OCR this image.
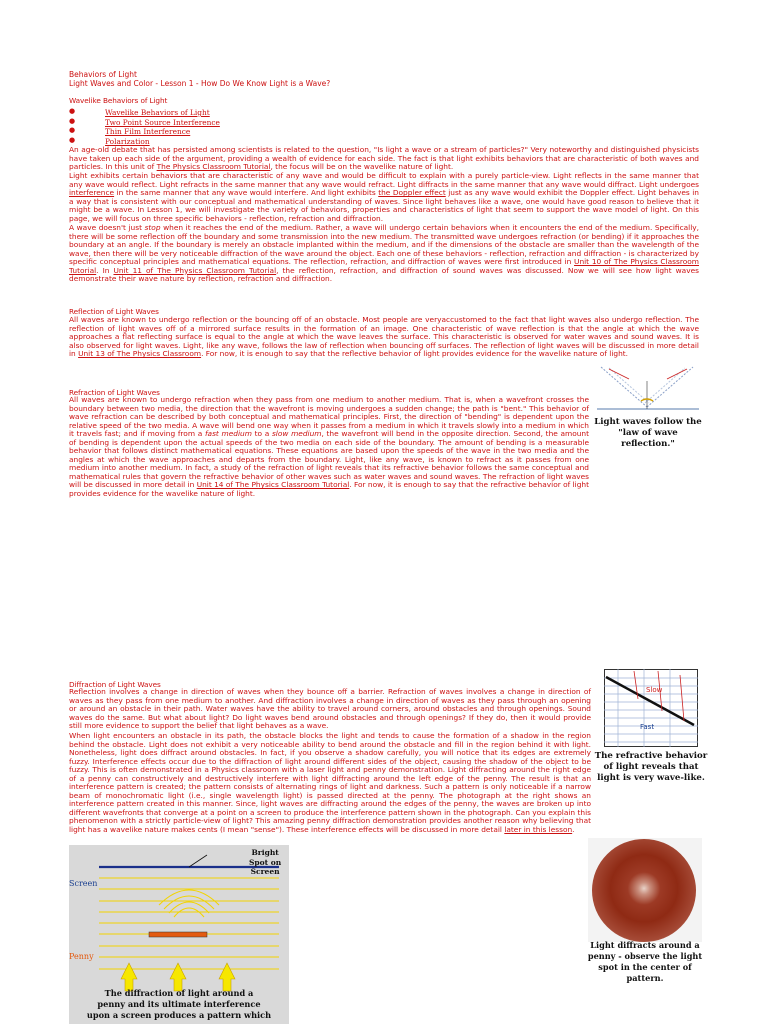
Behaviors of Light
Light Waves and Color - Lesson 1 - How Do We Know Light is a Wave?
Wavelike Behaviors of Light
●	Wavelike Behaviors of Light
●	Two Point Source Interference
●	Thin Film Interference
●	Polarization

An age-old debate that has persisted among scientists is related to the question, "Is light a wave or a stream of particles?" Very noteworthy and distinguished physicists have taken up each side of the argument, providing a wealth of evidence for each side. The fact is that light exhibits behaviors that are characteristic of both waves and particles. In this unit of The Physics Classroom Tutorial, the focus will be on the wavelike nature of light.

Light exhibits certain behaviors that are characteristic of any wave and would be difficult to explain with a purely particle-view. Light reflects in the same manner that any wave would reflect. Light refracts in the same manner that any wave would refract. Light diffracts in the same manner that any wave would diffract. Light undergoes interference in the same manner that any wave would interfere. And light exhibits the Doppler effect just as any wave would exhibit the Doppler effect. Light behaves in a way that is consistent with our conceptual and mathematical understanding of waves. Since light behaves like a wave, one would have good reason to believe that it might be a wave. In Lesson 1, we will investigate the variety of behaviors, properties and characteristics of light that seem to support the wave model of light. On this page, we will focus on three specific behaviors - reflection, refraction and diffraction.

A wave doesn't just stop when it reaches the end of the medium. Rather, a wave will undergo certain behaviors when it encounters the end of the medium. Specifically, there will be some reflection off the boundary and some transmission into the new medium. The transmitted wave undergoes refraction (or bending) if it approaches the boundary at an angle. If the boundary is merely an obstacle implanted within the medium, and if the dimensions of the obstacle are smaller than the wavelength of the wave, then there will be very noticeable diffraction of the wave around the object. Each one of these behaviors - reflection, refraction and diffraction - is characterized by specific conceptual principles and mathematical equations. The reflection, refraction, and diffraction of waves were first introduced in Unit 10 of The Physics Classroom Tutorial. In Unit 11 of The Physics Classroom Tutorial, the reflection, refraction, and diffraction of sound waves was discussed. Now we will see how light waves demonstrate their wave nature by reflection, refraction and diffraction.

Reflection of Light Waves

All waves are known to undergo reflection or the bouncing off of an obstacle. Most people are veryaccustomed to the fact that light waves also undergo reflection. The reflection of light waves off of a mirrored surface results in the formation of an image. One characteristic of wave reflection is that the angle at which the wave approaches a flat reflecting surface is equal to the angle at which the wave leaves the surface. This characteristic is observed for water waves and sound waves. It is also observed for light waves. Light, like any wave, follows the law of reflection when bouncing off surfaces. The reflection of light waves will be discussed in more detail in Unit 13 of The Physics Classroom. For now, it is enough to say that the reflective behavior of light provides evidence for the wavelike nature of light.

Light waves follow the
"law of wave reflection."
Refraction of Light Waves

All waves are known to undergo refraction when they pass from one medium to another medium. That is, when a wavefront crosses the boundary between two media, the direction that the wavefront is moving undergoes a sudden change; the path is "bent." This behavior of wave refraction can be described by both conceptual and mathematical principles. First, the direction of "bending" is dependent upon the relative speed of the two media. A wave will bend one way when it passes from a medium in which it travels slowly into a medium in which it travels fast; and if moving from a fast medium to a slow medium, the wavefront will bend in the opposite direction. Second, the amount of bending is dependent upon the actual speeds of the two media on each side of the boundary. The amount of bending is a measurable behavior that follows distinct mathematical equations. These equations are based upon the speeds of the wave in the two media and the angles at which the wave approaches and departs from the boundary. Light, like any wave, is known to refract as it passes from one medium into another medium. In fact, a study of the refraction of light reveals that its refractive behavior follows the same conceptual and mathematical rules that govern the refractive behavior of other waves such as water waves and sound waves. The refraction of light waves will be discussed in more detail in Unit 14 of The Physics Classroom Tutorial. For now, it is enough to say that the refractive behavior of light provides evidence for the wavelike nature of light.

Diffraction of Light Waves

Reflection involves a change in direction of waves when they bounce off a barrier. Refraction of waves involves a change in direction of waves as they pass from one medium to another. And diffraction involves a change in direction of waves as they pass through an opening or around an obstacle in their path. Water waves have the ability to travel around corners, around obstacles and through openings. Sound waves do the same. But what about light? Do light waves bend around obstacles and through openings? If they do, then it would provide still more evidence to support the belief that light behaves as a wave.

When light encounters an obstacle in its path, the obstacle blocks the light and tends to cause the formation of a shadow in the region behind the obstacle. Light does not exhibit a very noticeable ability to bend around the obstacle and fill in the region behind it with light. Nonetheless, light does diffract around obstacles. In fact, if you observe a shadow carefully, you will notice that its edges are extremely fuzzy. Interference effects occur due to the diffraction of light around different sides of the object, causing the shadow of the object to be fuzzy. This is often demonstrated in a Physics classroom with a laser light and penny demonstration. Light diffracting around the right edge of a penny can constructively and destructively interfere with light diffracting around the left edge of the penny. The result is that an interference pattern is created; the pattern consists of alternating rings of light and darkness. Such a pattern is only noticeable if a narrow beam of monochromatic light (i.e., single wavelength light) is passed directed at the penny. The photograph at the right shows an interference pattern created in this manner. Since, light waves are diffracting around the edges of the penny, the waves are broken up into different wavefronts that converge at a point on a screen to produce the interference pattern shown in the photograph. Can you explain this phenomenon with a strictly particle-view of light? This amazing penny diffraction demonstration provides another reason why believing that light has a wavelike nature makes cents (I mean "sense"). These interference effects will be discussed in more detail later in this lesson.

Slow
Fast
The refractive behavior
of light reveals that
light is very wave-like.
Screen
Penny
Bright
Spot on
Screen
The diffraction of light around a
penny and its ultimate interference
upon a screen produces a pattern which
Light diffracts around a
penny - observe the light
spot in the center of pattern.
